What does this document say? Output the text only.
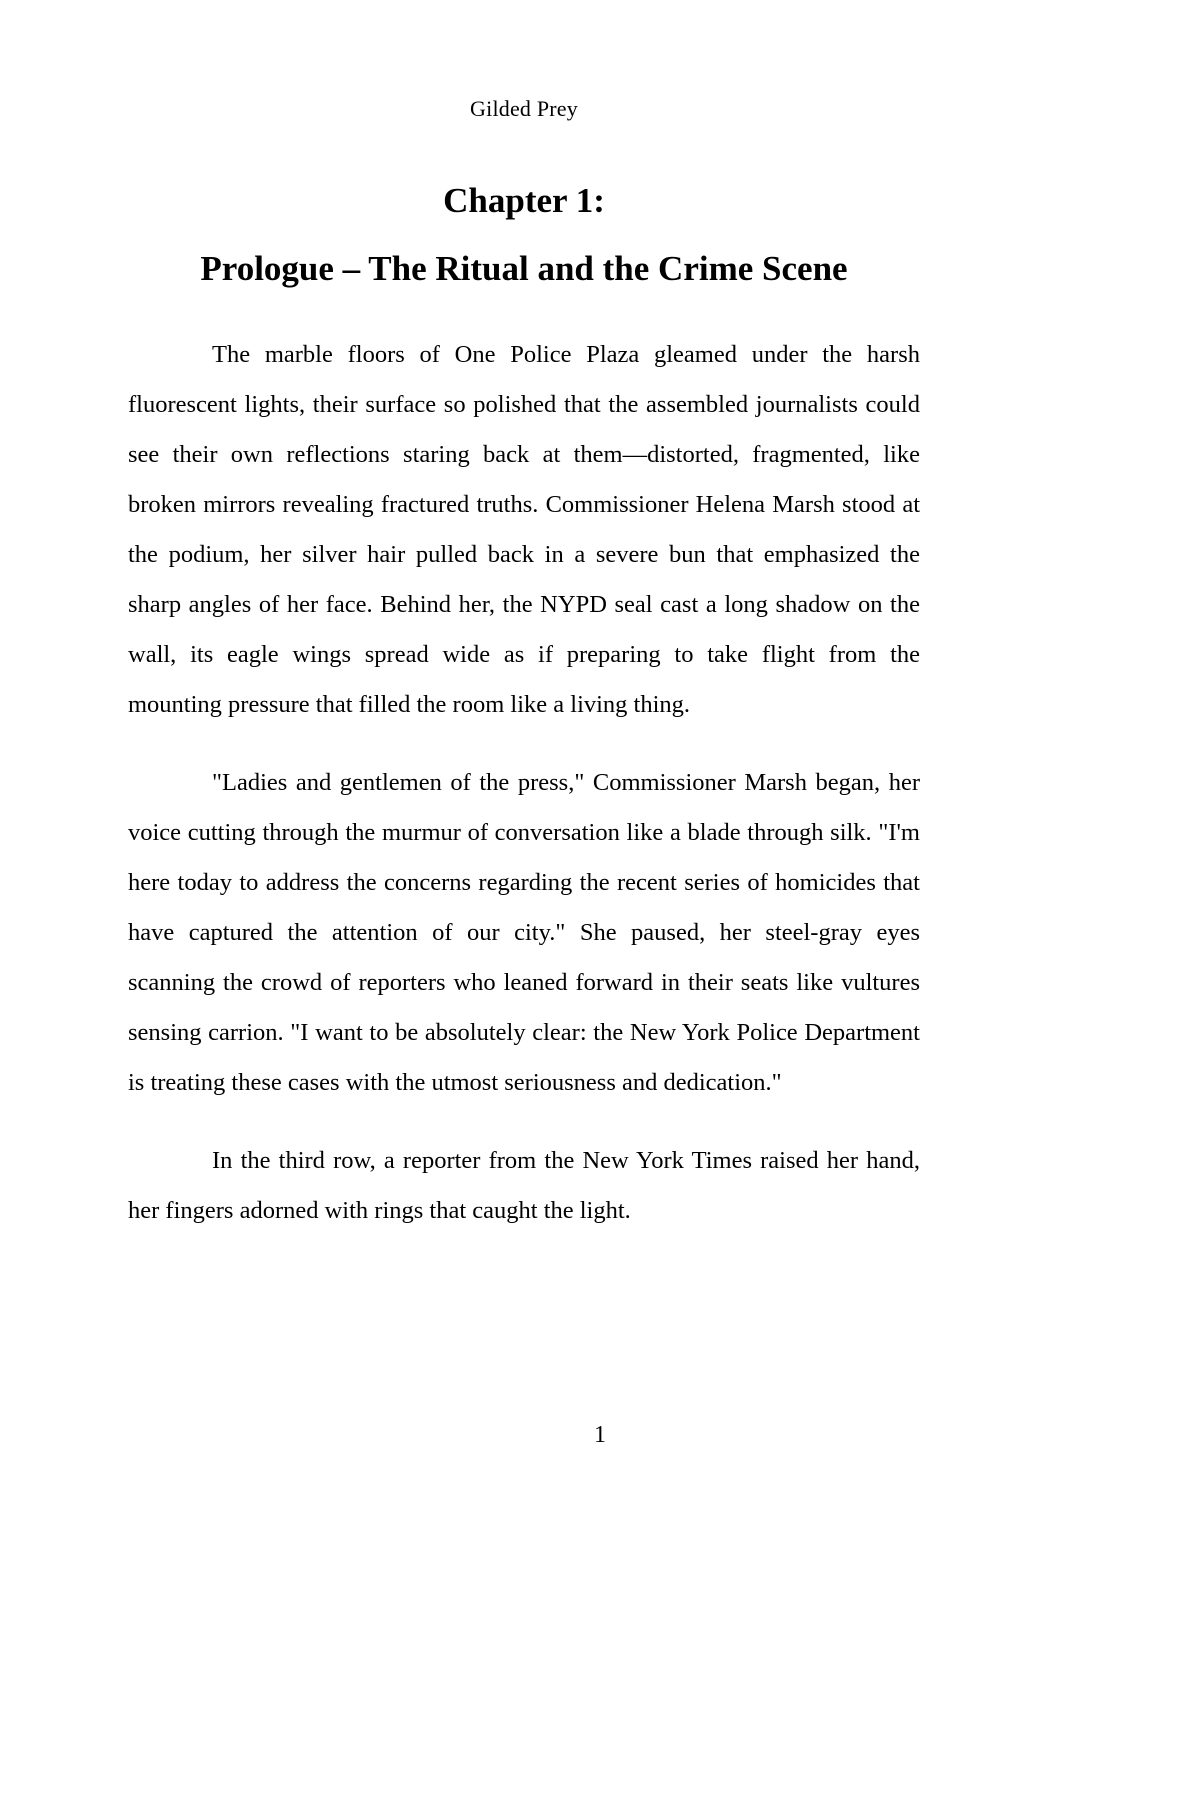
Gilded Prey
Chapter 1:
Prologue – The Ritual and the Crime Scene

The marble floors of One Police Plaza gleamed under the harsh fluorescent lights, their surface so polished that the assembled journalists could see their own reflections staring back at them—distorted, fragmented, like broken mirrors revealing fractured truths. Commissioner Helena Marsh stood at the podium, her silver hair pulled back in a severe bun that emphasized the sharp angles of her face. Behind her, the NYPD seal cast a long shadow on the wall, its eagle wings spread wide as if preparing to take flight from the mounting pressure that filled the room like a living thing.

"Ladies and gentlemen of the press," Commissioner Marsh began, her voice cutting through the murmur of conversation like a blade through silk. "I'm here today to address the concerns regarding the recent series of homicides that have captured the attention of our city." She paused, her steel-gray eyes scanning the crowd of reporters who leaned forward in their seats like vultures sensing carrion. "I want to be absolutely clear: the New York Police Department is treating these cases with the utmost seriousness and dedication."

In the third row, a reporter from the New York Times raised her hand, her fingers adorned with rings that caught the light.

1
